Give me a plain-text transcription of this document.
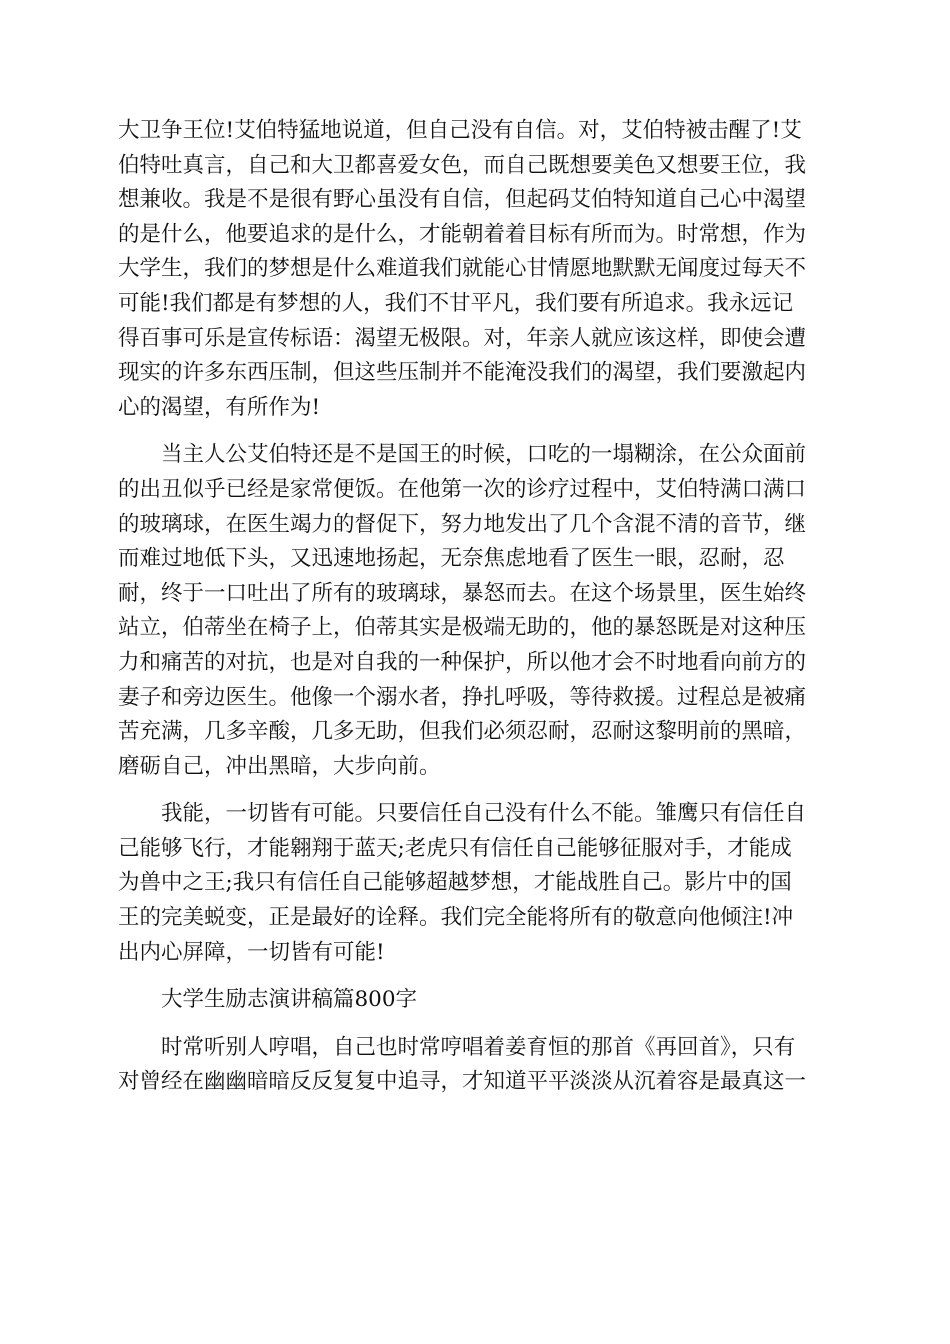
大卫争王位!艾伯特猛地说道，但自己没有自信。对，艾伯特被击醒了!艾
伯特吐真言，自己和大卫都喜爱女色，而自己既想要美色又想要王位，我
想兼收。我是不是很有野心虽没有自信，但起码艾伯特知道自己心中渴望
的是什么，他要追求的是什么，才能朝着着目标有所而为。时常想，作为
大学生，我们的梦想是什么难道我们就能心甘情愿地默默无闻度过每天不
可能!我们都是有梦想的人，我们不甘平凡，我们要有所追求。我永远记
得百事可乐是宣传标语：渴望无极限。对，年亲人就应该这样，即使会遭
现实的许多东西压制，但这些压制并不能淹没我们的渴望，我们要激起内
心的渴望，有所作为!
　　当主人公艾伯特还是不是国王的时候，口吃的一塌糊涂，在公众面前
的出丑似乎已经是家常便饭。在他第一次的诊疗过程中，艾伯特满口满口
的玻璃球，在医生竭力的督促下，努力地发出了几个含混不清的音节，继
而难过地低下头，又迅速地扬起，无奈焦虑地看了医生一眼，忍耐，忍
耐，终于一口吐出了所有的玻璃球，暴怒而去。在这个场景里，医生始终
站立，伯蒂坐在椅子上，伯蒂其实是极端无助的，他的暴怒既是对这种压
力和痛苦的对抗，也是对自我的一种保护，所以他才会不时地看向前方的
妻子和旁边医生。他像一个溺水者，挣扎呼吸，等待救援。过程总是被痛
苦充满，几多辛酸，几多无助，但我们必须忍耐，忍耐这黎明前的黑暗，
磨砺自己，冲出黑暗，大步向前。
　　我能，一切皆有可能。只要信任自己没有什么不能。雏鹰只有信任自
己能够飞行，才能翱翔于蓝天;老虎只有信任自己能够征服对手，才能成
为兽中之王;我只有信任自己能够超越梦想，才能战胜自己。影片中的国
王的完美蜕变，正是最好的诠释。我们完全能将所有的敬意向他倾注!冲
出内心屏障，一切皆有可能!
大学生励志演讲稿篇800字
　　时常听别人哼唱，自己也时常哼唱着姜育恒的那首《再回首》，只有
对曾经在幽幽暗暗反反复复中追寻，才知道平平淡淡从沉着容是最真这一
